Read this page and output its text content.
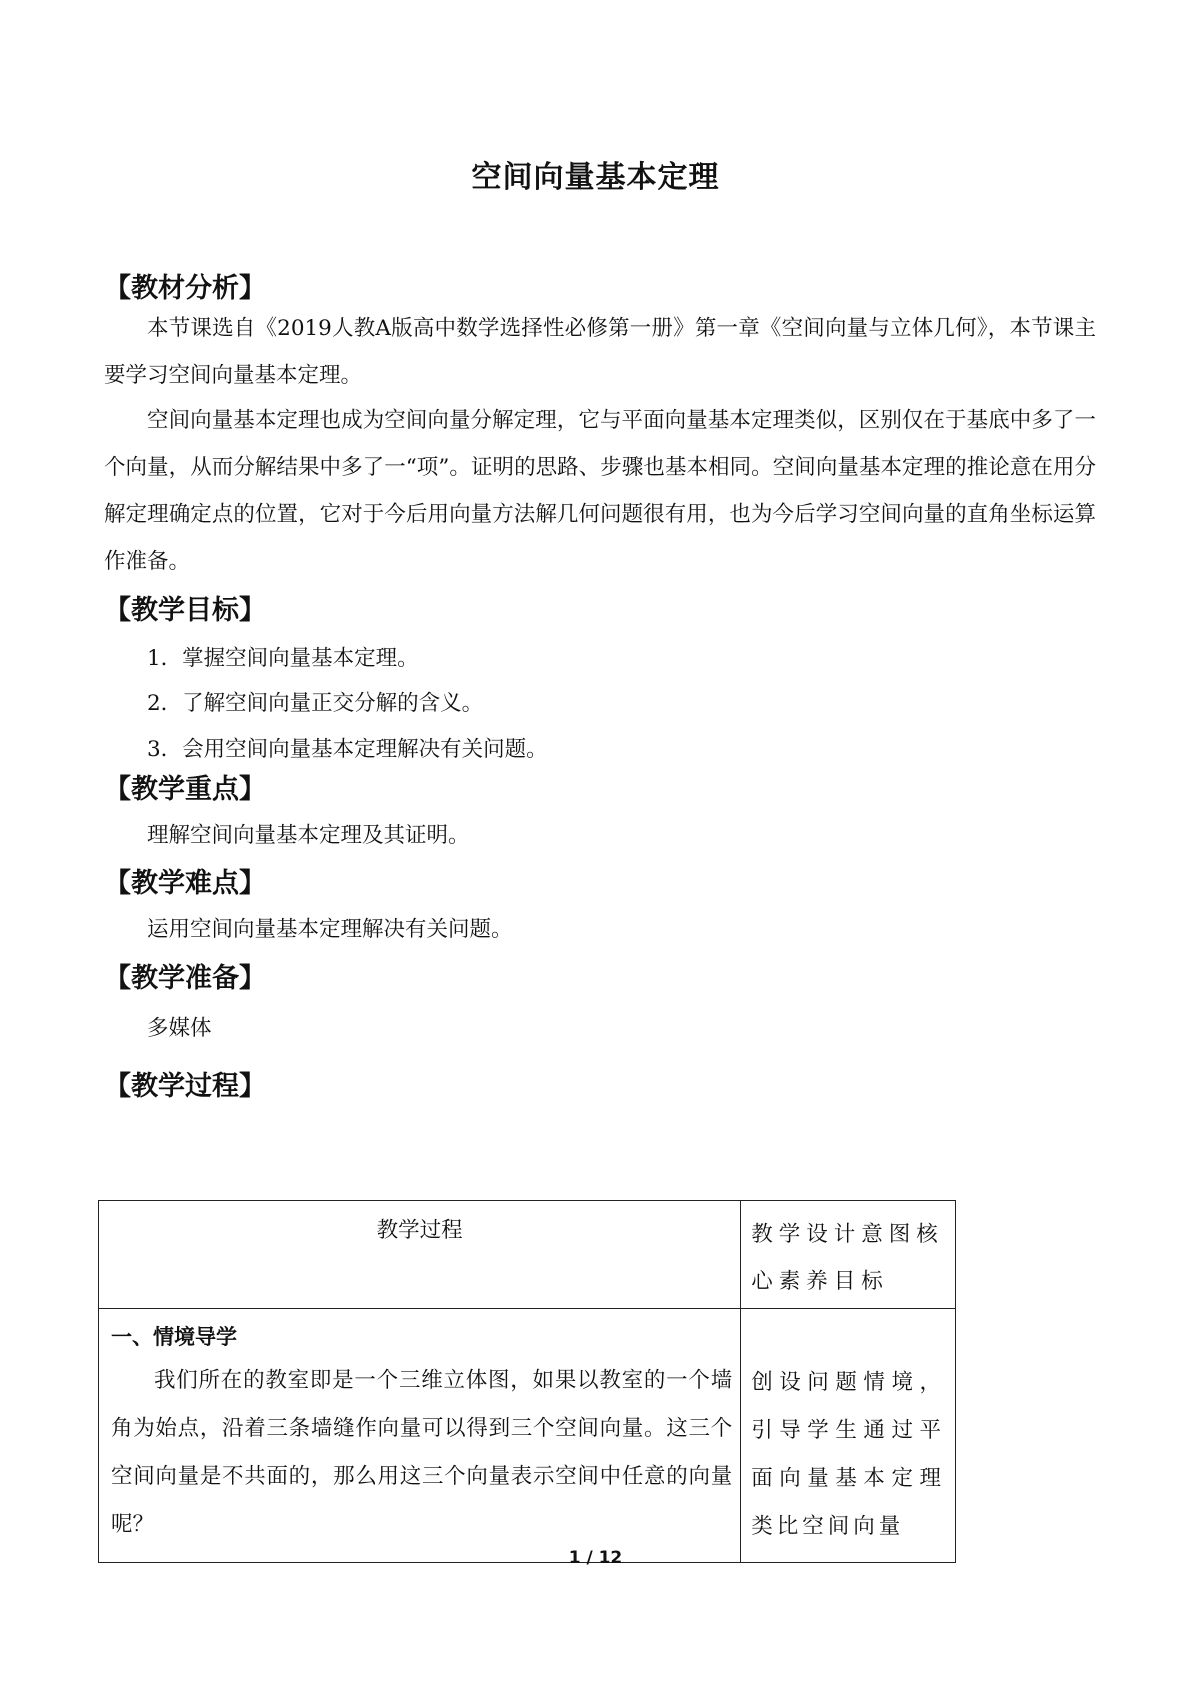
空间向量基本定理
【教材分析】

本节课选自《2019人教A版高中数学选择性必修第一册》第一章《空间向量与立体几何》，本节课主要学习空间向量基本定理。

空间向量基本定理也成为空间向量分解定理，它与平面向量基本定理类似，区别仅在于基底中多了一个向量，从而分解结果中多了一“项”。证明的思路、步骤也基本相同。空间向量基本定理的推论意在用分解定理确定点的位置，它对于今后用向量方法解几何问题很有用，也为今后学习空间向量的直角坐标运算作准备。

【教学目标】
1．掌握空间向量基本定理。
2．了解空间向量正交分解的含义。
3．会用空间向量基本定理解决有关问题。
【教学重点】
理解空间向量基本定理及其证明。
【教学难点】
运用空间向量基本定理解决有关问题。
【教学准备】
多媒体
【教学过程】
教学过程	教学设计意图核心素养目标

一、情境导学

我们所在的教室即是一个三维立体图，如果以教室的一个墙角为始点，沿着三条墙缝作向量可以得到三个空间向量。这三个空间向量是不共面的，那么用这三个向量表示空间中任意的向量呢？	创设问题情境，引导学生通过平面向量基本定理类比空间向量
1 / 12
